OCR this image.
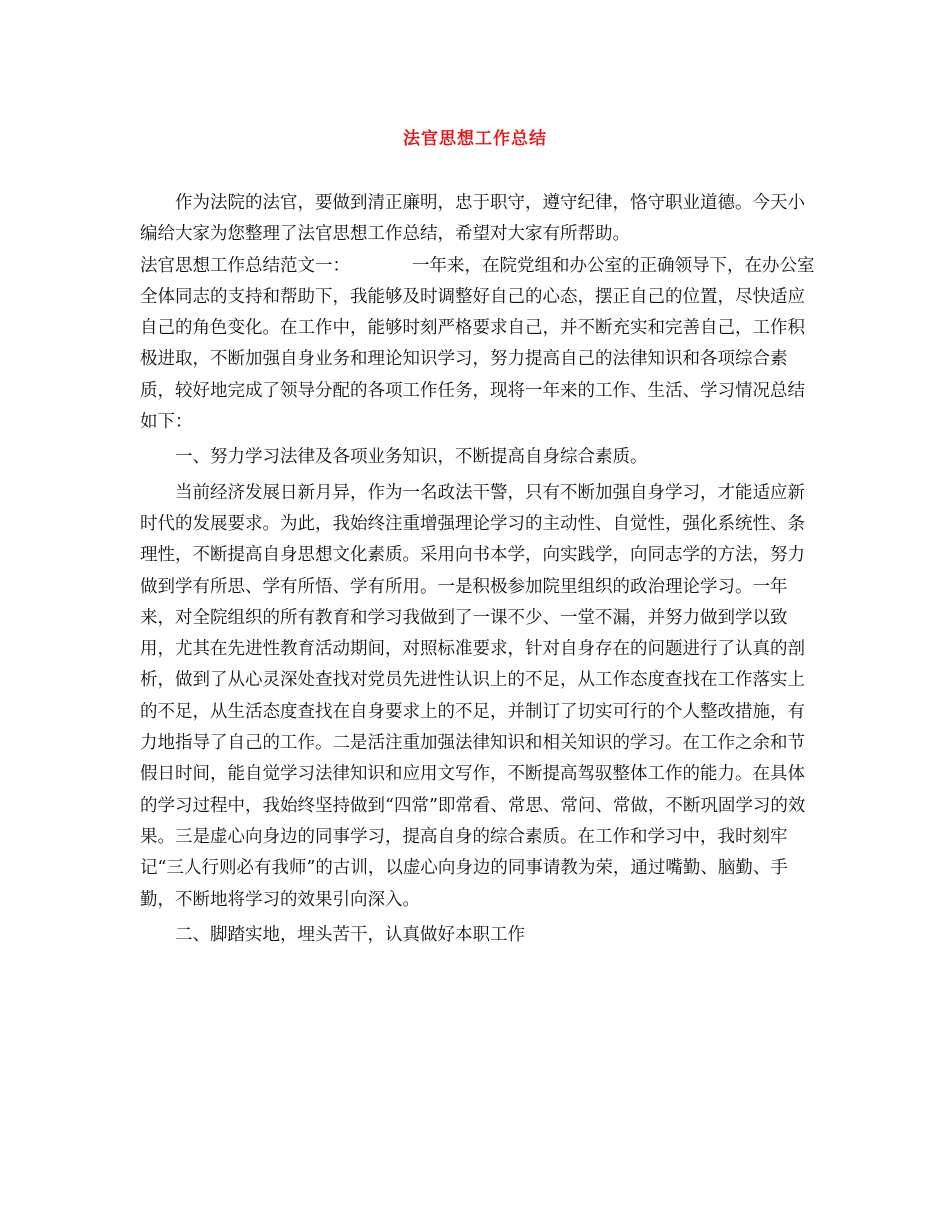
法官思想工作总结

作为法院的法官，要做到清正廉明，忠于职守，遵守纪律，恪守职业道德。今天小编给大家为您整理了法官思想工作总结，希望对大家有所帮助。

法官思想工作总结范文一：	一年来，在院党组和办公室的正确领导下，在办公室全体同志的支持和帮助下，我能够及时调整好自己的心态，摆正自己的位置，尽快适应自己的角色变化。在工作中，能够时刻严格要求自己，并不断充实和完善自己，工作积极进取，不断加强自身业务和理论知识学习，努力提高自己的法律知识和各项综合素质，较好地完成了领导分配的各项工作任务，现将一年来的工作、生活、学习情况总结如下：

一、努力学习法律及各项业务知识，不断提高自身综合素质。

当前经济发展日新月异，作为一名政法干警，只有不断加强自身学习，才能适应新时代的发展要求。为此，我始终注重增强理论学习的主动性、自觉性，强化系统性、条理性，不断提高自身思想文化素质。采用向书本学，向实践学，向同志学的方法，努力做到学有所思、学有所悟、学有所用。一是积极参加院里组织的政治理论学习。一年来，对全院组织的所有教育和学习我做到了一课不少、一堂不漏，并努力做到学以致用，尤其在先进性教育活动期间，对照标准要求，针对自身存在的问题进行了认真的剖析，做到了从心灵深处查找对党员先进性认识上的不足，从工作态度查找在工作落实上的不足，从生活态度查找在自身要求上的不足，并制订了切实可行的个人整改措施，有力地指导了自己的工作。二是活注重加强法律知识和相关知识的学习。在工作之余和节假日时间，能自觉学习法律知识和应用文写作，不断提高驾驭整体工作的能力。在具体的学习过程中，我始终坚持做到“四常”即常看、常思、常问、常做，不断巩固学习的效果。三是虚心向身边的同事学习，提高自身的综合素质。在工作和学习中，我时刻牢记“三人行则必有我师”的古训，以虚心向身边的同事请教为荣，通过嘴勤、脑勤、手勤，不断地将学习的效果引向深入。

二、脚踏实地，埋头苦干，认真做好本职工作
